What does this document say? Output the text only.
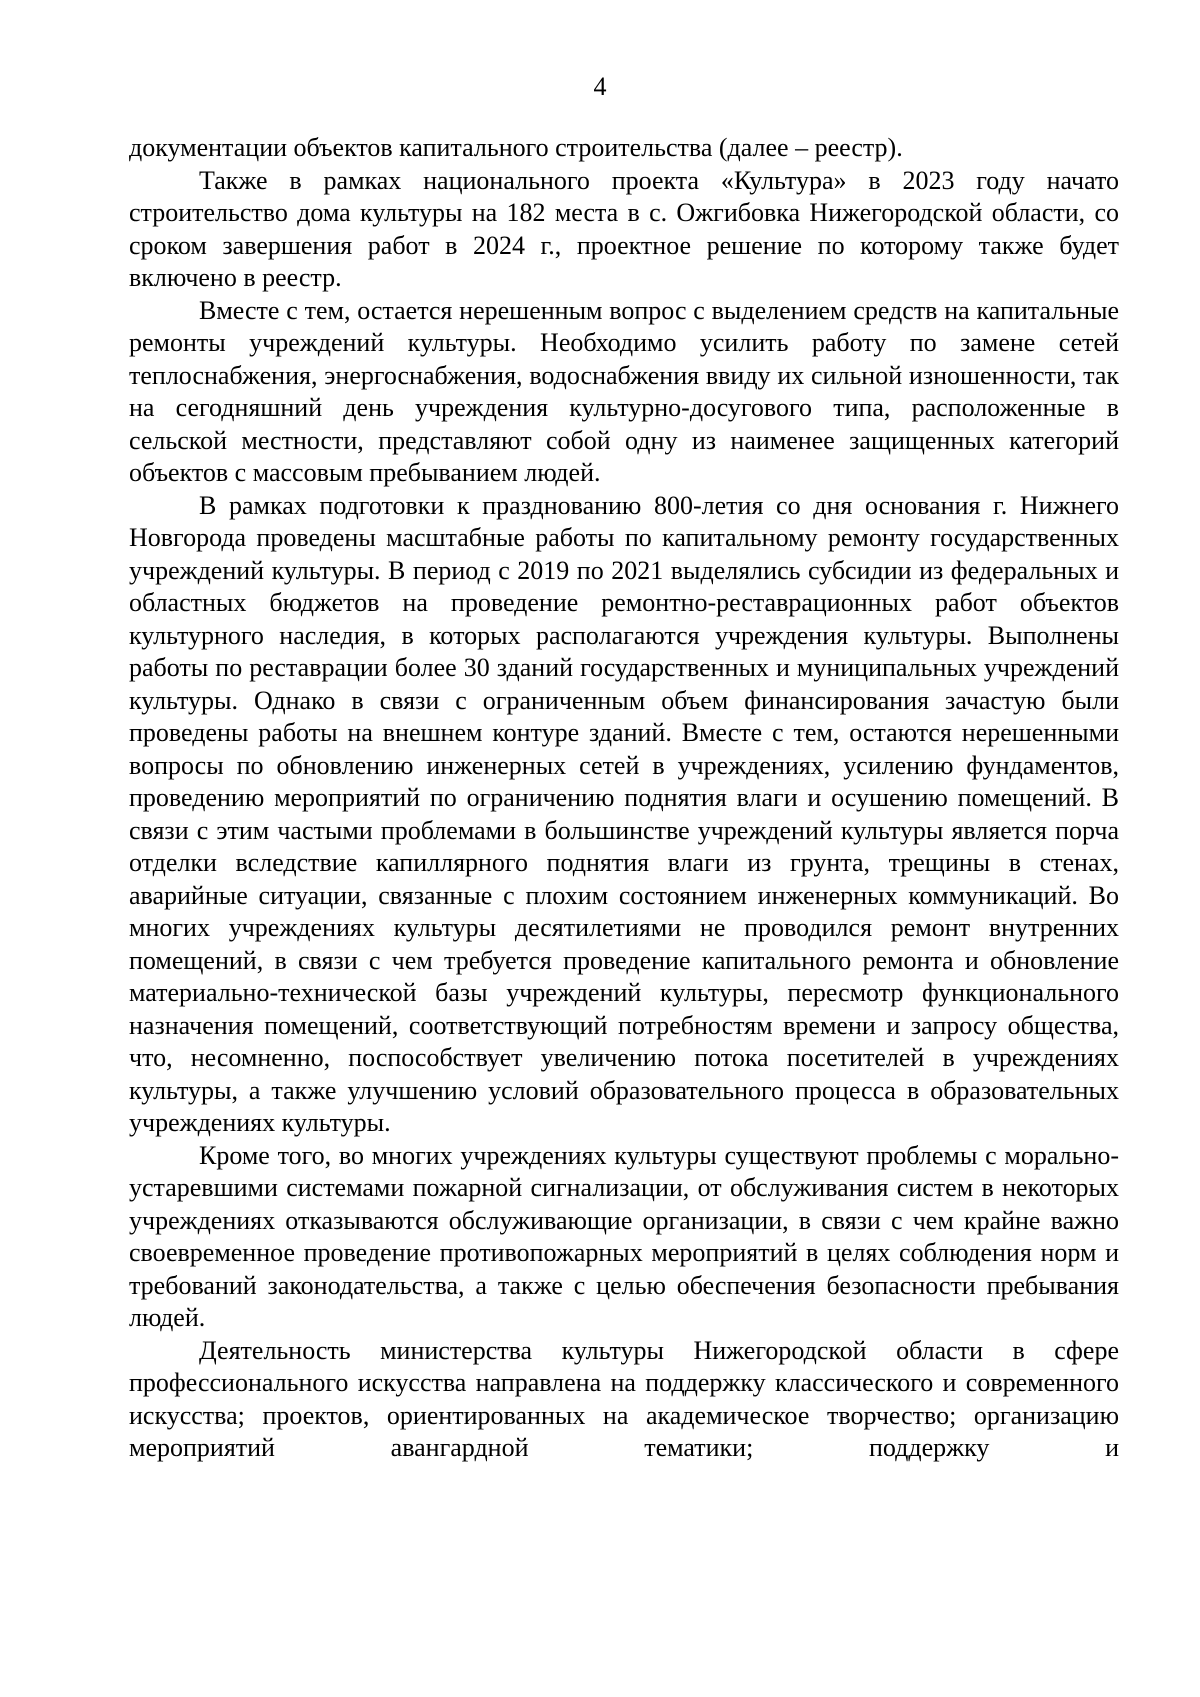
4

документации объектов капитального строительства (далее – реестр).

Также в рамках национального проекта «Культура» в 2023 году начато строительство дома культуры на 182 места в с. Ожгибовка Нижегородской области, со сроком завершения работ в 2024 г., проектное решение по которому также будет включено в реестр.

Вместе с тем, остается нерешенным вопрос с выделением средств на капитальные ремонты учреждений культуры. Необходимо усилить работу по замене сетей теплоснабжения, энергоснабжения, водоснабжения ввиду их сильной изношенности, так на сегодняшний день учреждения культурно-досугового типа, расположенные в сельской местности, представляют собой одну из наименее защищенных категорий объектов с массовым пребыванием людей.

В рамках подготовки к празднованию 800-летия со дня основания г. Нижнего Новгорода проведены масштабные работы по капитальному ремонту государственных учреждений культуры. В период с 2019 по 2021 выделялись субсидии из федеральных и областных бюджетов на проведение ремонтно-реставрационных работ объектов культурного наследия, в которых располагаются учреждения культуры. Выполнены работы по реставрации более 30 зданий государственных и муниципальных учреждений культуры. Однако в связи с ограниченным объем финансирования зачастую были проведены работы на внешнем контуре зданий. Вместе с тем, остаются нерешенными вопросы по обновлению инженерных сетей в учреждениях, усилению фундаментов, проведению мероприятий по ограничению поднятия влаги и осушению помещений. В связи с этим частыми проблемами в большинстве учреждений культуры является порча отделки вследствие капиллярного поднятия влаги из грунта, трещины в стенах, аварийные ситуации, связанные с плохим состоянием инженерных коммуникаций. Во многих учреждениях культуры десятилетиями не проводился ремонт внутренних помещений, в связи с чем требуется проведение капитального ремонта и обновление материально-технической базы учреждений культуры, пересмотр функционального назначения помещений, соответствующий потребностям времени и запросу общества, что, несомненно, поспособствует увеличению потока посетителей в учреждениях культуры, а также улучшению условий образовательного процесса в образовательных учреждениях культуры.

Кроме того, во многих учреждениях культуры существуют проблемы с морально-устаревшими системами пожарной сигнализации, от обслуживания систем в некоторых учреждениях отказываются обслуживающие организации, в связи с чем крайне важно своевременное проведение противопожарных мероприятий в целях соблюдения норм и требований законодательства, а также с целью обеспечения безопасности пребывания людей.

Деятельность министерства культуры Нижегородской области в сфере профессионального искусства направлена на поддержку классического и современного искусства; проектов, ориентированных на академическое творчество; организацию мероприятий авангардной тематики; поддержку и
